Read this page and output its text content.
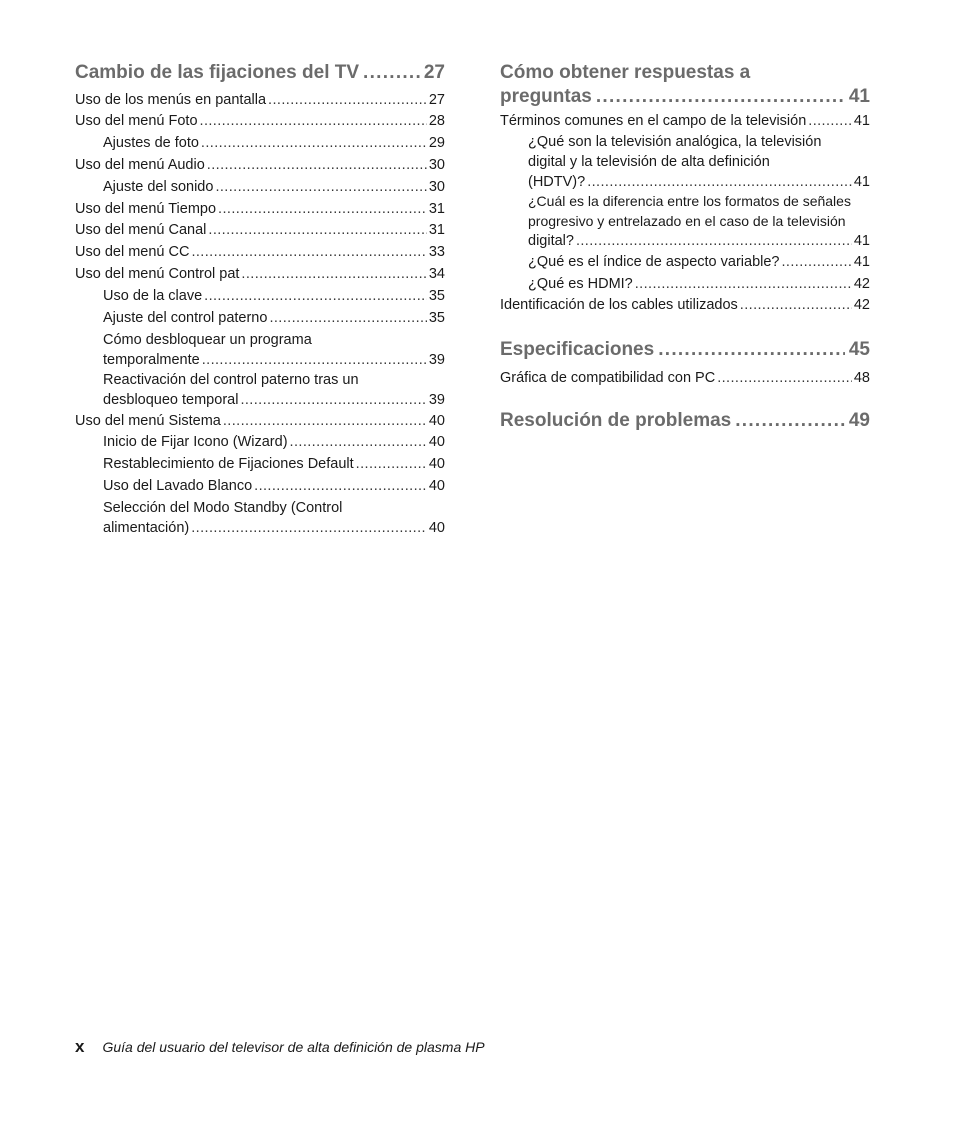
Cambio de las fijaciones del TV . . .	27
Uso de los menús en pantalla .....	27
Uso del menú Foto .....	28
Ajustes de foto .....	29
Uso del menú Audio .....	30
Ajuste del sonido .....	30
Uso del menú Tiempo .....	31
Uso del menú Canal .....	31
Uso del menú CC .....	33
Uso del menú Control pat .....	34
Uso de la clave .....	35
Ajuste del control paterno .....	35
Cómo desbloquear un programa
temporalmente .....	39
Reactivación del control paterno tras un
desbloqueo temporal .....	39
Uso del menú Sistema .....	40
Inicio de Fijar Icono (Wizard) .....	40
Restablecimiento de Fijaciones Default .....	40
Uso del Lavado Blanco .....	40
Selección del Modo Standby (Control
alimentación) .....	40
Cómo obtener respuestas a
preguntas . . .	41
Términos comunes en el campo de la televisión .....	41
¿Qué son la televisión analógica, la televisión
digital y la televisión de alta definición
(HDTV)? .....	41
¿Cuál es la diferencia entre los formatos de señales
progresivo y entrelazado en el caso de la televisión
digital? .....	41
¿Qué es el índice de aspecto variable? .....	41
¿Qué es HDMI? .....	42
Identificación de los cables utilizados .....	42
Especificaciones . . .	45
Gráfica de compatibilidad con PC .....	48
Resolución de problemas . . .	49
x Guía del usuario del televisor de alta definición de plasma HP
